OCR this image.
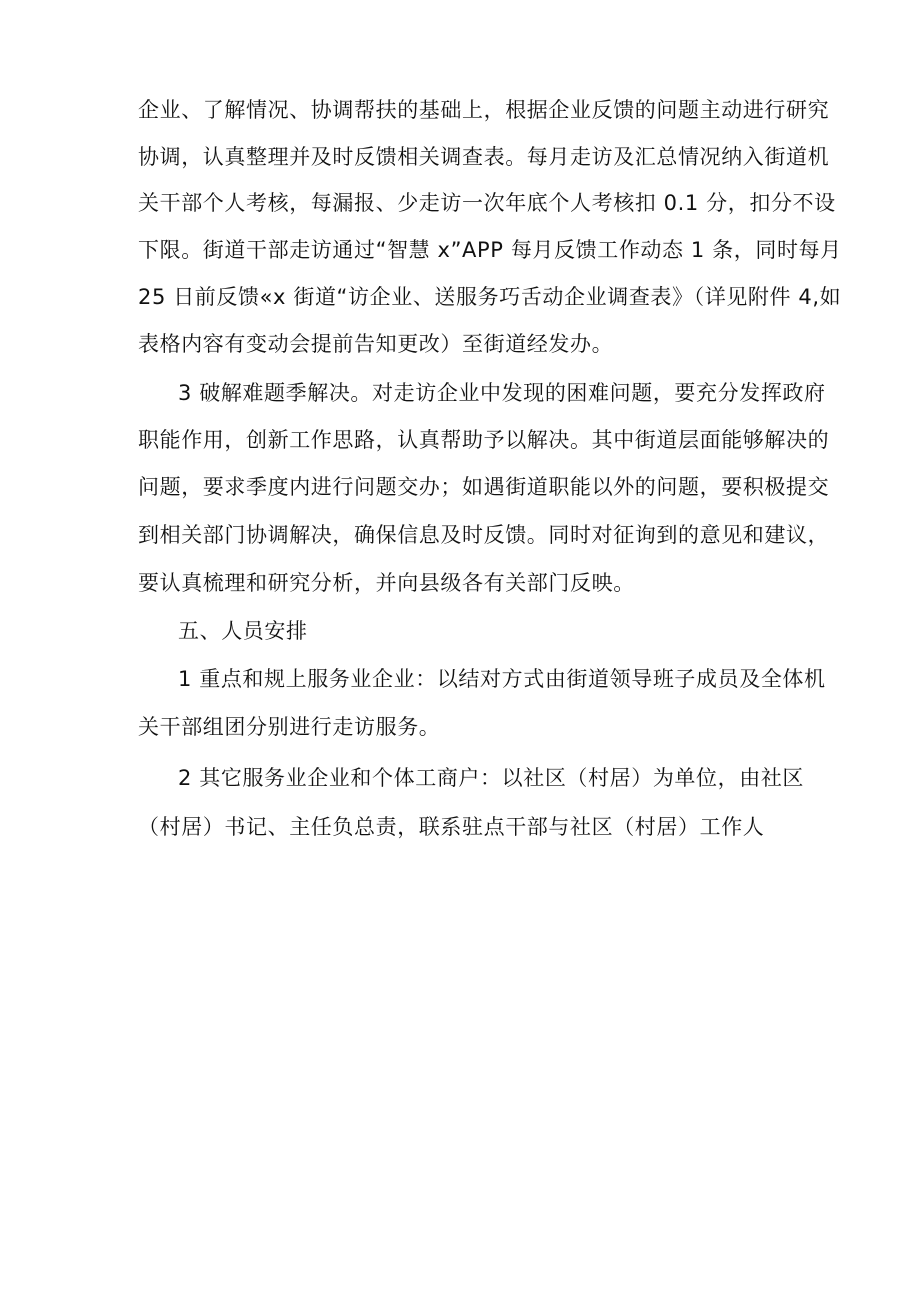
企业、了解情况、协调帮扶的基础上，根据企业反馈的问题主动进行研究
协调，认真整理并及时反馈相关调查表。每月走访及汇总情况纳入街道机
关干部个人考核，每漏报、少走访一次年底个人考核扣 0.1 分，扣分不设
下限。街道干部走访通过“智慧 x”APP 每月反馈工作动态 1 条，同时每月
25 日前反馈«x 街道“访企业、送服务巧舌动企业调查表》（详见附件 4,如
表格内容有变动会提前告知更改）至街道经发办。
3 破解难题季解决。对走访企业中发现的困难问题，要充分发挥政府
职能作用，创新工作思路，认真帮助予以解决。其中街道层面能够解决的
问题，要求季度内进行问题交办；如遇街道职能以外的问题，要积极提交
到相关部门协调解决，确保信息及时反馈。同时对征询到的意见和建议，
要认真梳理和研究分析，并向县级各有关部门反映。
五、人员安排
1 重点和规上服务业企业：以结对方式由街道领导班子成员及全体机
关干部组团分别进行走访服务。
2 其它服务业企业和个体工商户：以社区（村居）为单位，由社区
（村居）书记、主任负总责，联系驻点干部与社区（村居）工作人
